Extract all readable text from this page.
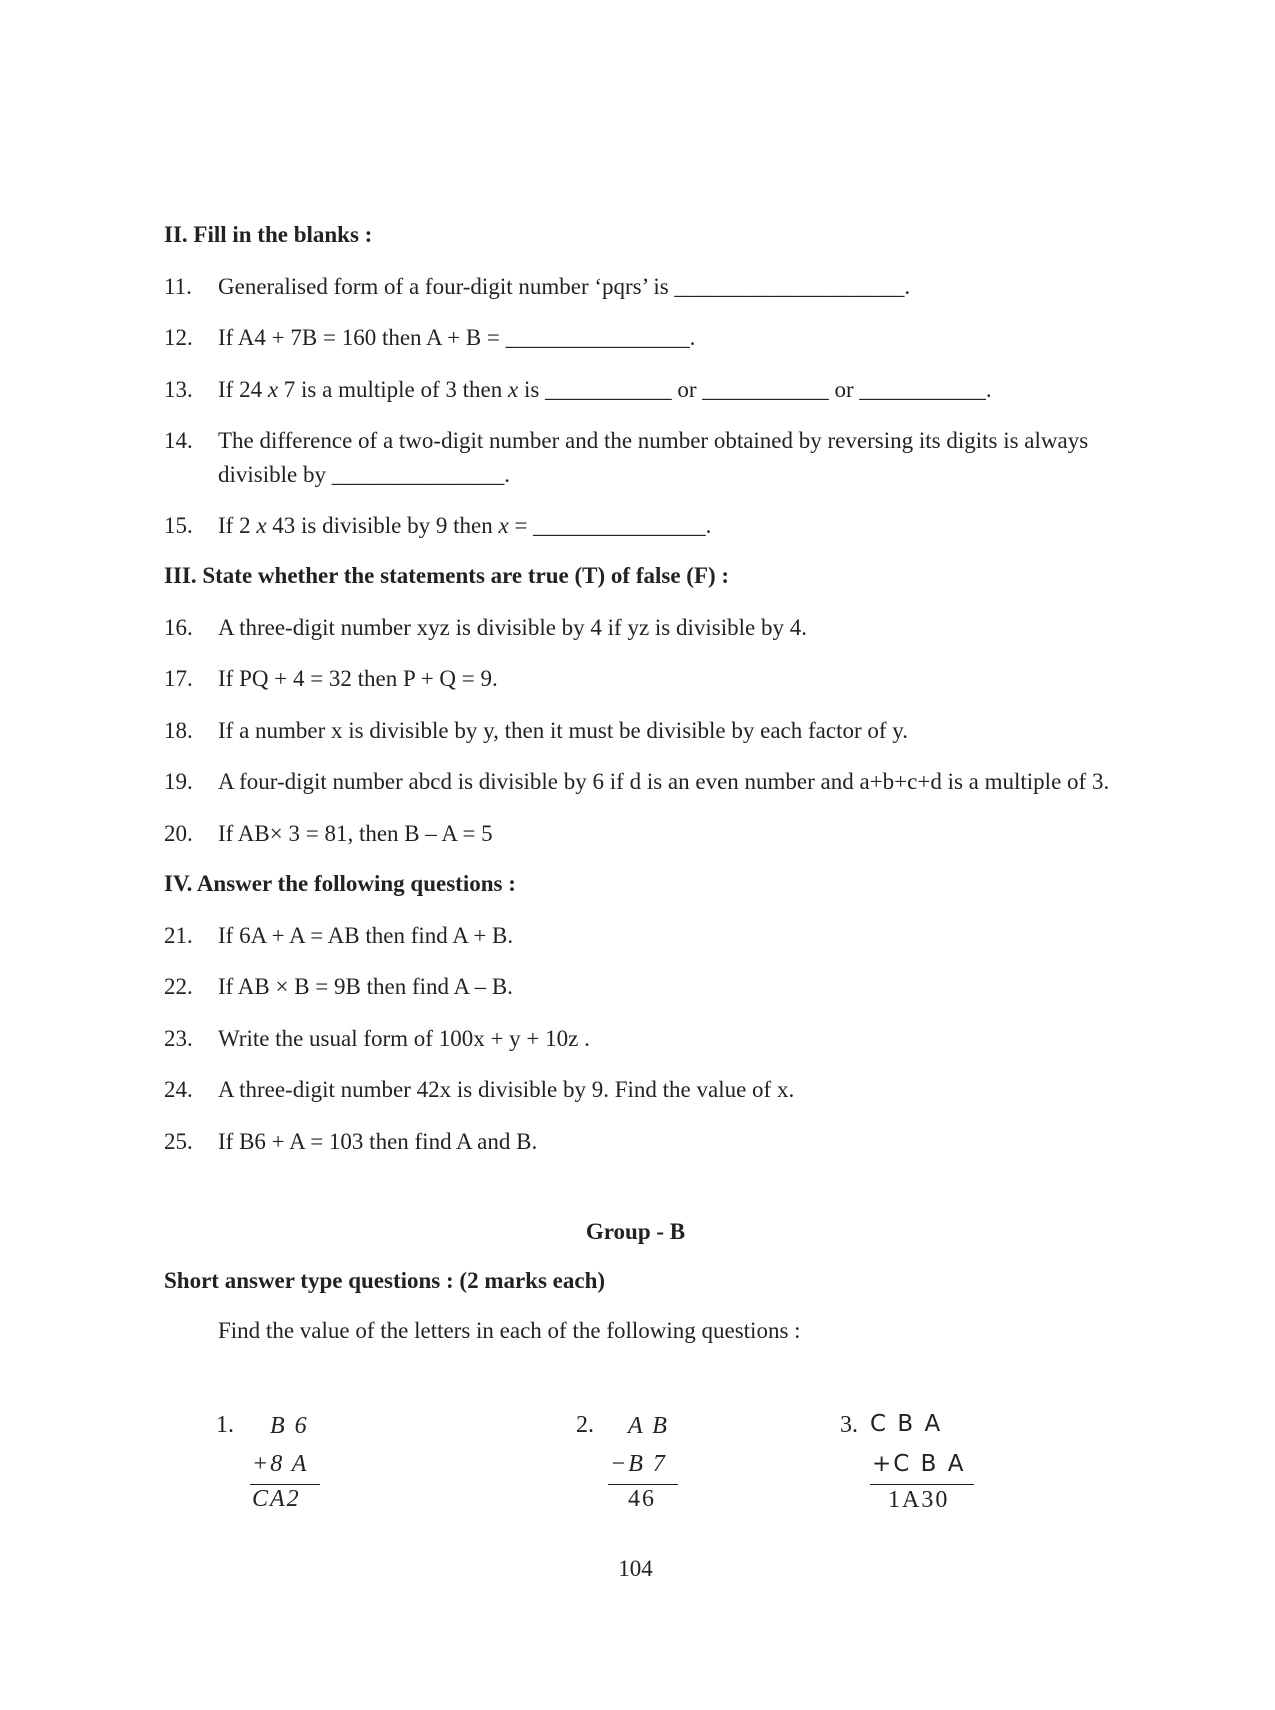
II. Fill in the blanks :
11. Generalised form of a four-digit number ‘pqrs’ is ____________________.
12. If A4 + 7B = 160 then A + B = ________________.
13. If 24 x 7 is a multiple of 3 then x is ___________ or ___________ or ___________.
14. The difference of a two-digit number and the number obtained by reversing its digits is always
divisible by _______________.
15. If 2 x 43 is divisible by 9 then x = _______________.
III. State whether the statements are true (T) of false (F) :
16. A three-digit number xyz is divisible by 4 if yz is divisible by 4.
17. If PQ + 4 = 32 then P + Q = 9.
18. If a number x is divisible by y, then it must be divisible by each factor of y.
19. A four-digit number abcd is divisible by 6 if d is an even number and a+b+c+d is a multiple of 3.
20. If AB× 3 = 81, then B – A = 5
IV. Answer the following questions :
21. If 6A + A = AB then find A + B.
22. If AB × B = 9B then find A – B.
23. Write the usual form of 100x + y + 10z .
24. A three-digit number 42x is divisible by 9. Find the value of x.
25. If B6 + A = 103 then find A and B.
Group - B
Short answer type questions : (2 marks each)
Find the value of the letters in each of the following questions :
1. B 6
+8 A
CA2
2. A B
−B 7
46
3. C B A
+C B A
1A30
104
